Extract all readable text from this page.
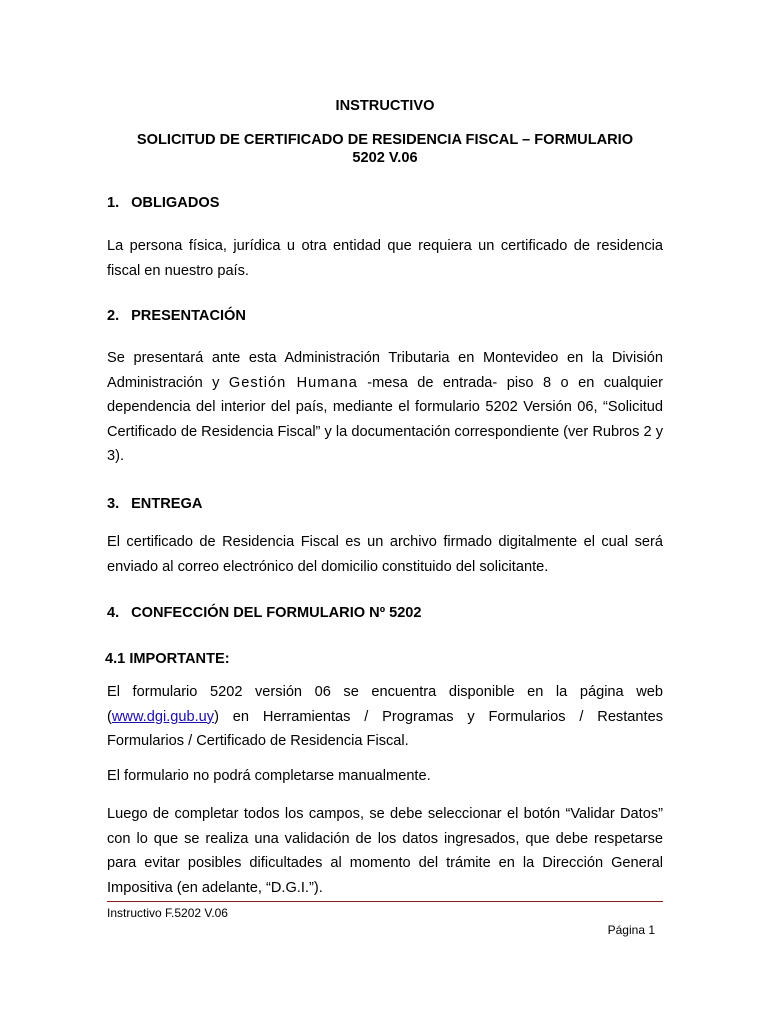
INSTRUCTIVO
SOLICITUD DE CERTIFICADO DE RESIDENCIA FISCAL – FORMULARIO
5202 V.06
1. OBLIGADOS
La persona física, jurídica u otra entidad que requiera un certificado de residencia fiscal en nuestro país.
2. PRESENTACIÓN
Se presentará ante esta Administración Tributaria en Montevideo en la División Administración y Gestión Humana -mesa de entrada- piso 8 o en cualquier dependencia del interior del país, mediante el formulario 5202 Versión 06, “Solicitud Certificado de Residencia Fiscal” y la documentación correspondiente (ver Rubros 2 y 3).
3. ENTREGA
El certificado de Residencia Fiscal es un archivo firmado digitalmente el cual será enviado al correo electrónico del domicilio constituido del solicitante.
4. CONFECCIÓN DEL FORMULARIO Nº 5202
4.1 IMPORTANTE:
El formulario 5202 versión 06 se encuentra disponible en la página web (www.dgi.gub.uy) en Herramientas / Programas y Formularios / Restantes Formularios / Certificado de Residencia Fiscal.
El formulario no podrá completarse manualmente.
Luego de completar todos los campos, se debe seleccionar el botón “Validar Datos” con lo que se realiza una validación de los datos ingresados, que debe respetarse para evitar posibles dificultades al momento del trámite en la Dirección General Impositiva (en adelante, “D.G.I.”).
Instructivo F.5202 V.06
Página 1
